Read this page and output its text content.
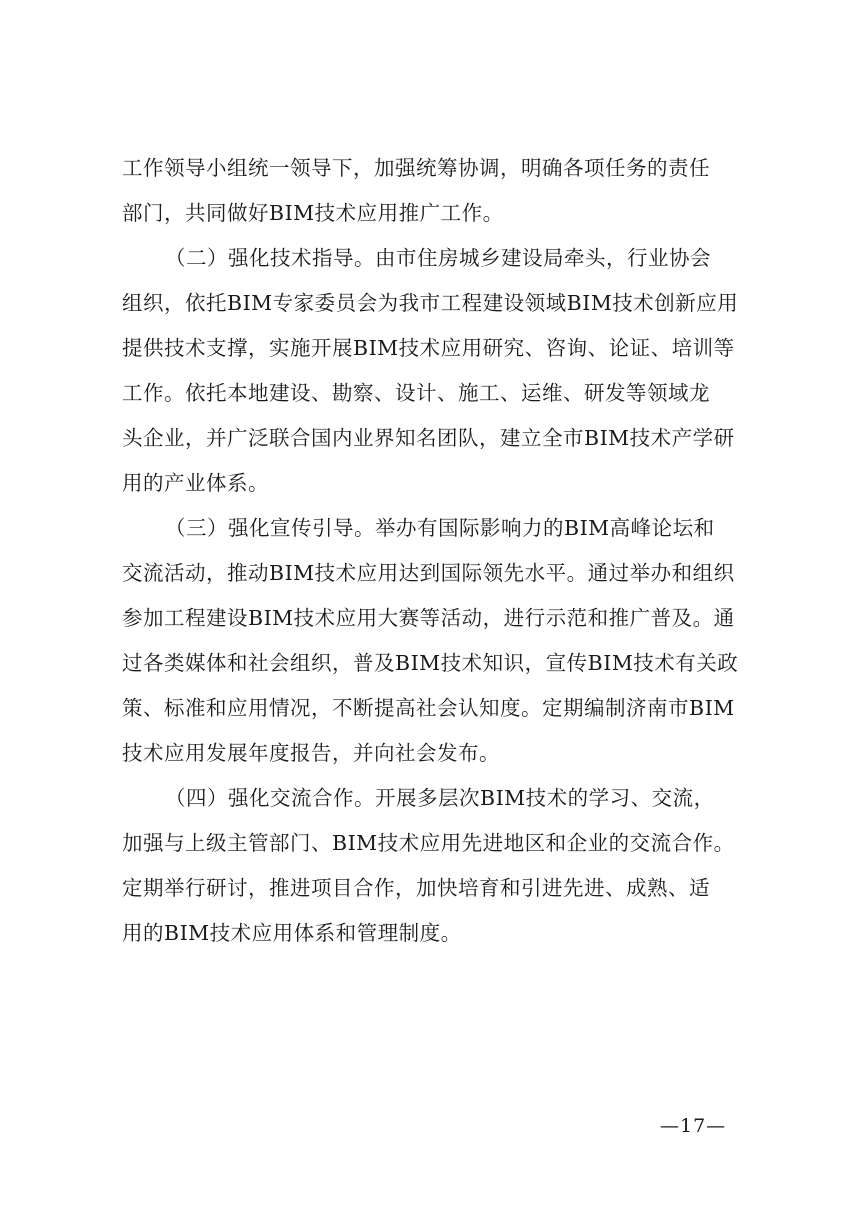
工作领导小组统一领导下，加强统筹协调，明确各项任务的责任
部门，共同做好BIM技术应用推广工作。
（二）强化技术指导。由市住房城乡建设局牵头，行业协会
组织，依托BIM专家委员会为我市工程建设领域BIM技术创新应用
提供技术支撑，实施开展BIM技术应用研究、咨询、论证、培训等
工作。依托本地建设、勘察、设计、施工、运维、研发等领域龙
头企业，并广泛联合国内业界知名团队，建立全市BIM技术产学研
用的产业体系。
（三）强化宣传引导。举办有国际影响力的BIM高峰论坛和
交流活动，推动BIM技术应用达到国际领先水平。通过举办和组织
参加工程建设BIM技术应用大赛等活动，进行示范和推广普及。通
过各类媒体和社会组织，普及BIM技术知识，宣传BIM技术有关政
策、标准和应用情况，不断提高社会认知度。定期编制济南市BIM
技术应用发展年度报告，并向社会发布。
（四）强化交流合作。开展多层次BIM技术的学习、交流，
加强与上级主管部门、BIM技术应用先进地区和企业的交流合作。
定期举行研讨，推进项目合作，加快培育和引进先进、成熟、适
用的BIM技术应用体系和管理制度。
—17—
